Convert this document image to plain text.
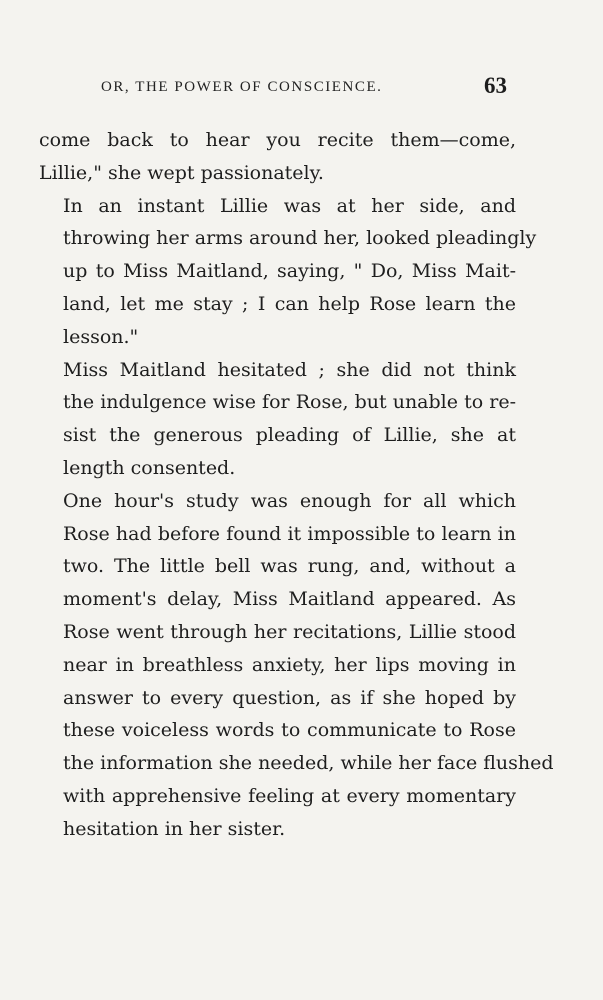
OR, THE POWER OF CONSCIENCE.	63

come back to hear you recite them—come,
Lillie," she wept passionately.

In an instant Lillie was at her side, and
throwing her arms around her, looked pleadingly
up to Miss Maitland, saying, " Do, Miss Mait-
land, let me stay ; I can help Rose learn the
lesson."

Miss Maitland hesitated ; she did not think
the indulgence wise for Rose, but unable to re-
sist the generous pleading of Lillie, she at
length consented.

One hour's study was enough for all which
Rose had before found it impossible to learn in
two. The little bell was rung, and, without a
moment's delay, Miss Maitland appeared. As
Rose went through her recitations, Lillie stood
near in breathless anxiety, her lips moving in
answer to every question, as if she hoped by
these voiceless words to communicate to Rose
the information she needed, while her face flushed
with apprehensive feeling at every momentary
hesitation in her sister.
